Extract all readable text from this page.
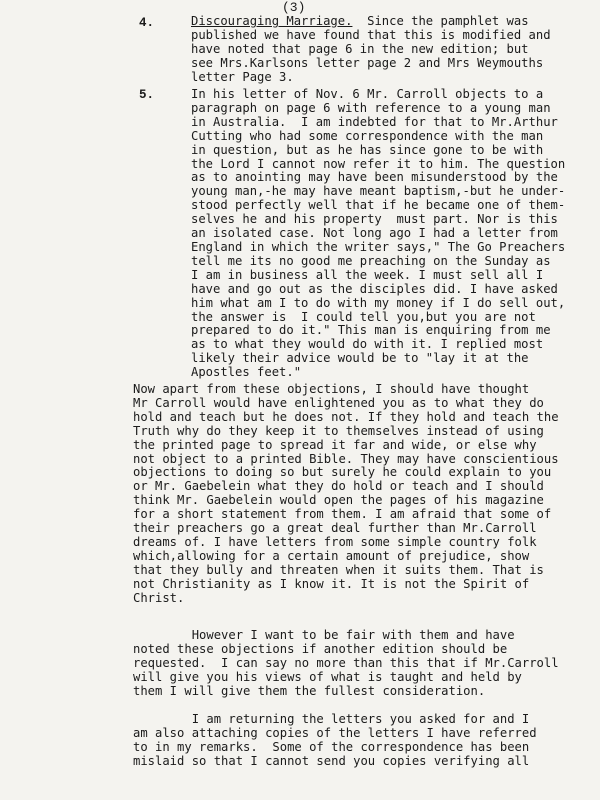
(3)
4.	Discouraging Marriage.  Since the pamphlet was
published we have found that this is modified and
have noted that page 6 in the new edition; but
see Mrs.Karlsons letter page 2 and Mrs Weymouths
letter Page 3.
5.	In his letter of Nov. 6 Mr. Carroll objects to a
paragraph on page 6 with reference to a young man
in Australia.  I am indebted for that to Mr.Arthur
Cutting who had some correspondence with the man
in question, but as he has since gone to be with
the Lord I cannot now refer it to him. The question
as to anointing may have been misunderstood by the
young man,-he may have meant baptism,-but he under-
stood perfectly well that if he became one of them-
selves he and his property  must part. Nor is this
an isolated case. Not long ago I had a letter from
England in which the writer says," The Go Preachers
tell me its no good me preaching on the Sunday as
I am in business all the week. I must sell all I
have and go out as the disciples did. I have asked
him what am I to do with my money if I do sell out,
the answer is  I could tell you,but you are not
prepared to do it." This man is enquiring from me
as to what they would do with it. I replied most
likely their advice would be to "lay it at the
Apostles feet."
Now apart from these objections, I should have thought
Mr Carroll would have enlightened you as to what they do
hold and teach but he does not. If they hold and teach the
Truth why do they keep it to themselves instead of using
the printed page to spread it far and wide, or else why
not object to a printed Bible. They may have conscientious
objections to doing so but surely he could explain to you
or Mr. Gaebelein what they do hold or teach and I should
think Mr. Gaebelein would open the pages of his magazine
for a short statement from them. I am afraid that some of
their preachers go a great deal further than Mr.Carroll
dreams of. I have letters from some simple country folk
which,allowing for a certain amount of prejudice, show
that they bully and threaten when it suits them. That is
not Christianity as I know it. It is not the Spirit of
Christ.
However I want to be fair with them and have
noted these objections if another edition should be
requested.  I can say no more than this that if Mr.Carroll
will give you his views of what is taught and held by
them I will give them the fullest consideration.
I am returning the letters you asked for and I
am also attaching copies of the letters I have referred
to in my remarks.  Some of the correspondence has been
mislaid so that I cannot send you copies verifying all
